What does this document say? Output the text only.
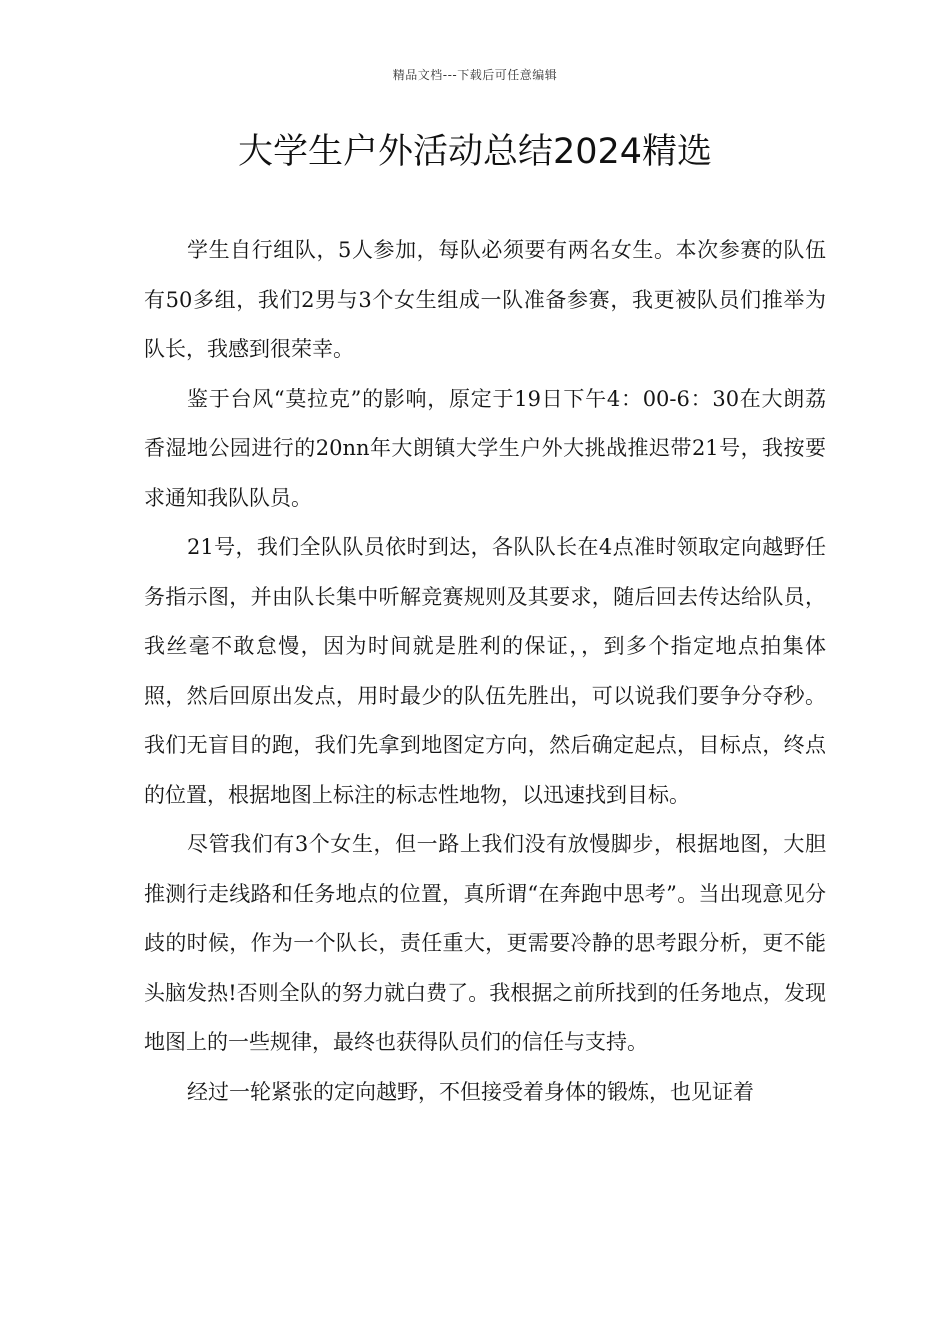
精品文档---下载后可任意编辑
大学生户外活动总结2024精选

学生自行组队，5人参加，每队必须要有两名女生。本次参赛的队伍有50多组，我们2男与3个女生组成一队准备参赛，我更被队员们推举为队长，我感到很荣幸。

鉴于台风“莫拉克”的影响，原定于19日下午4：00-6：30在大朗荔香湿地公园进行的20nn年大朗镇大学生户外大挑战推迟带21号，我按要求通知我队队员。

21号，我们全队队员依时到达，各队队长在4点准时领取定向越野任务指示图，并由队长集中听解竞赛规则及其要求，随后回去传达给队员，我丝毫不敢怠慢，因为时间就是胜利的保证，，到多个指定地点拍集体照，然后回原出发点，用时最少的队伍先胜出，可以说我们要争分夺秒。我们无盲目的跑，我们先拿到地图定方向，然后确定起点，目标点，终点的位置，根据地图上标注的标志性地物，以迅速找到目标。

尽管我们有3个女生，但一路上我们没有放慢脚步，根据地图，大胆推测行走线路和任务地点的位置，真所谓“在奔跑中思考”。当出现意见分歧的时候，作为一个队长，责任重大，更需要冷静的思考跟分析，更不能头脑发热!否则全队的努力就白费了。我根据之前所找到的任务地点，发现地图上的一些规律，最终也获得队员们的信任与支持。

经过一轮紧张的定向越野，不但接受着身体的锻炼，也见证着
